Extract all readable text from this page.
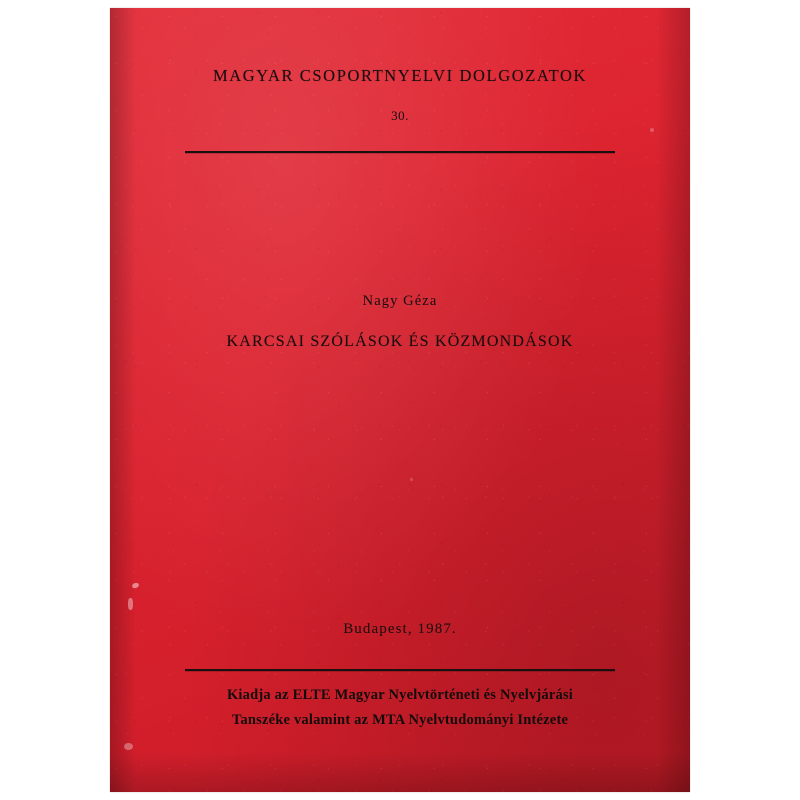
MAGYAR CSOPORTNYELVI DOLGOZATOK
30.
Nagy Géza
KARCSAI SZÓLÁSOK ÉS KÖZMONDÁSOK
Budapest, 1987.
Kiadja az ELTE Magyar Nyelvtörténeti és Nyelvjárási
Tanszéke valamint az MTA Nyelvtudományi Intézete
